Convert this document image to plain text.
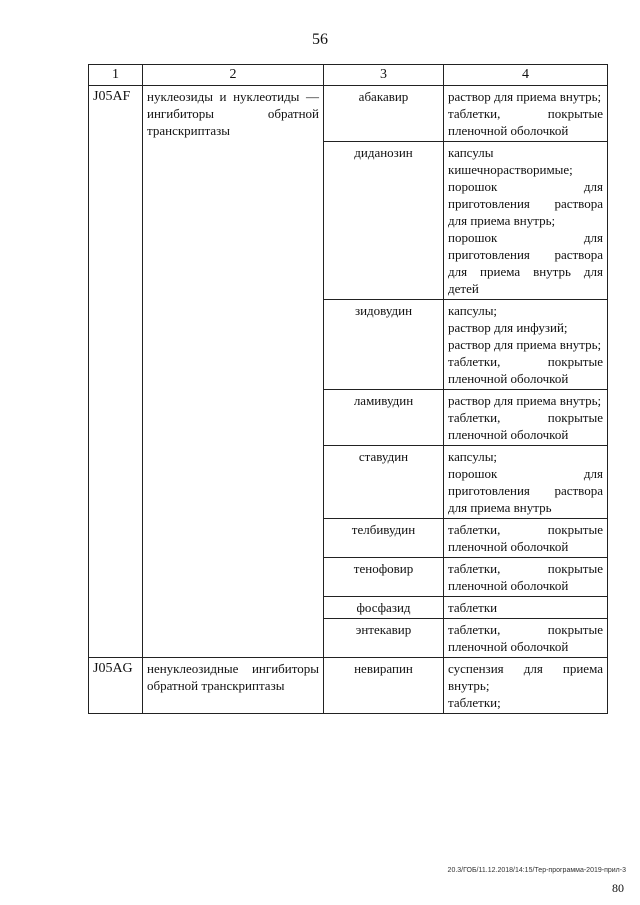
56
1	2	3	4
J05AF	нуклеозиды и нуклеотиды — ингибиторы обратной транскриптазы	абакавир	раствор для приема внутрь;
таблетки, покрытые пленочной оболочкой

		диданозин	капсулы кишечнорастворимые;
порошок для приготовления раствора для приема внутрь;
порошок для приготовления раствора для приема внутрь для детей

		зидовудин	капсулы;
раствор для инфузий;
раствор для приема внутрь;
таблетки, покрытые пленочной оболочкой

		ламивудин	раствор для приема внутрь;
таблетки, покрытые пленочной оболочкой

		ставудин	капсулы;
порошок для приготовления раствора для приема внутрь

		телбивудин	таблетки, покрытые пленочной оболочкой

		тенофовир	таблетки, покрытые пленочной оболочкой

		фосфазид	таблетки

		энтекавир	таблетки, покрытые пленочной оболочкой

J05AG	ненуклеозидные ингибиторы обратной транскриптазы	невирапин	суспензия для приема внутрь;
таблетки;
20.3/ГОБ/11.12.2018/14:15/Тер-программа-2019-прил-3
80
